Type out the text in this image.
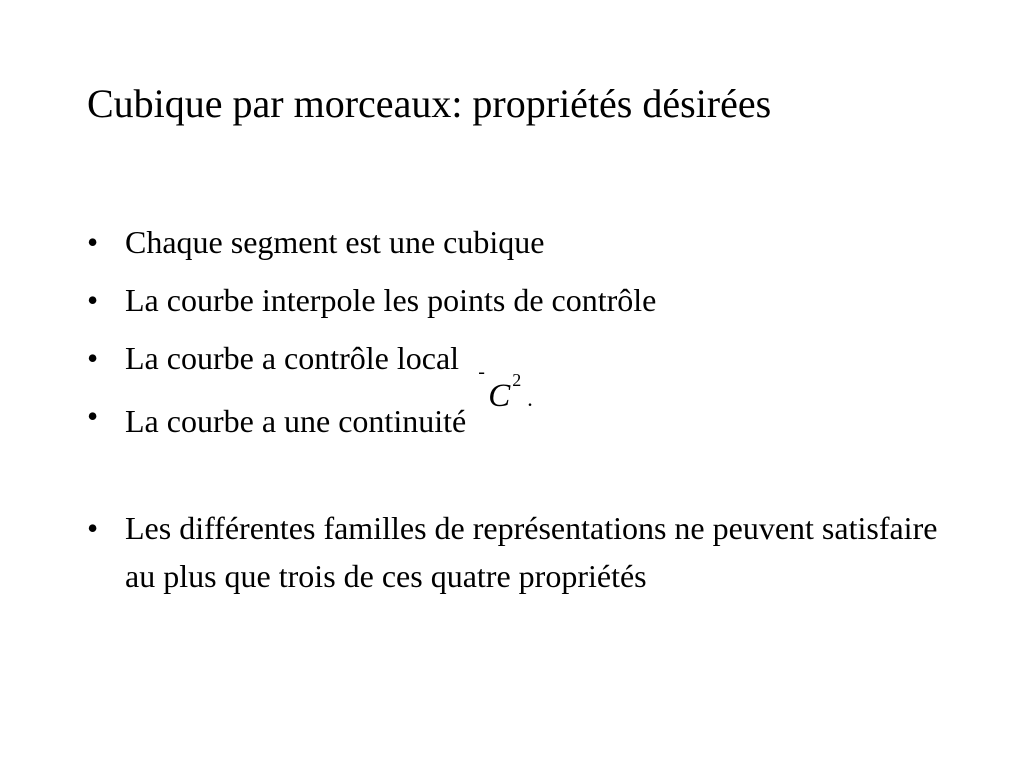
Cubique par morceaux: propriétés désirées
• Chaque segment est une cubique
• La courbe interpole les points de contrôle
• La courbe a contrôle local
• La courbe a une continuité
-
C 2
.
• Les différentes familles de représentations ne peuvent satisfaire au plus que trois de ces quatre propriétés
